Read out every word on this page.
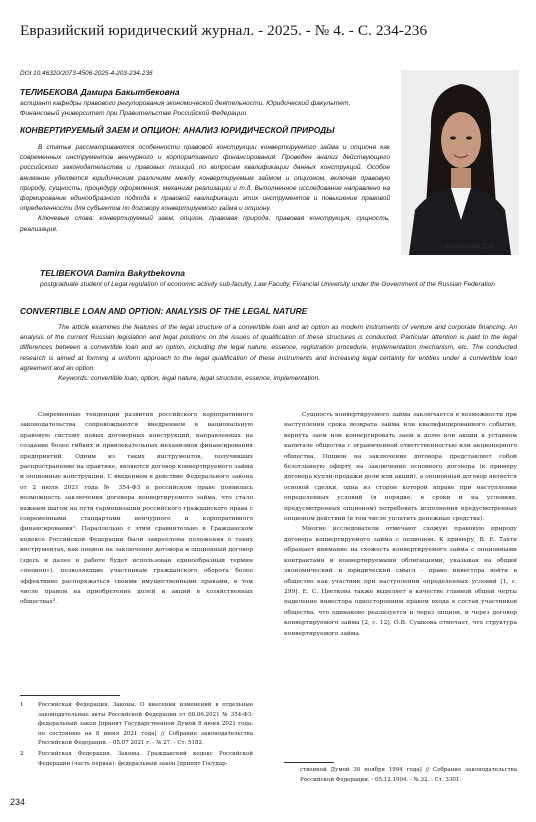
Евразийский юридический журнал. - 2025. - № 4. - С. 234-236
DOI 10.46320/2073-4506-2025-4-203-234-236
ТЕЛИБЕКОВА Дамира Бакытбековна
аспирант кафедры правового регулирования экономической деятельности, Юридический факультет, Финансовый университет при Правительстве Российской Федерации
КОНВЕРТИРУЕМЫЙ ЗАЕМ И ОПЦИОН: АНАЛИЗ ЮРИДИЧЕСКОЙ ПРИРОДЫ

В статье рассматриваются особенности правовой конструкции конвертируемого займа и опциона как современных инструментов венчурного и корпоративного финансирования. Проведен анализ действующего российского законодательства и правовых позиций по вопросам квалификации данных конструкций. Особое внимание уделяется юридическим различиям между конвертируемым займом и опционом, включая правовую природу, сущность, процедуру оформления, механизм реализации и т.д. Выполненное исследование направлено на формирование единообразного подхода к правовой квалификации этих инструментов и повышение правовой определенности для субъектов по договору конвертируемого займа и опциону.

Ключевые слова: конвертируемый заем, опцион, правовая природа, правовая конструкция, сущность, реализация.

Телибекова Д.Б.
TELIBEKOVA Damira Bakytbekovna
postgraduate student of Legal regulation of economic activity sub-faculty, Law Faculty, Financial University under the Government of the Russian Federation
CONVERTIBLE LOAN AND OPTION: ANALYSIS OF THE LEGAL NATURE

The article examines the features of the legal structure of a convertible loan and an option as modern instruments of venture and corporate financing. An analysis of the current Russian legislation and legal positions on the issues of qualification of these structures is conducted. Particular attention is paid to the legal differences between a convertible loan and an option, including the legal nature, essence, registration procedure, implementation mechanism, etc. The conducted research is aimed at forming a uniform approach to the legal qualification of these instruments and increasing legal certainty for entities under a convertible loan agreement and an option.

Keywords: convertible loan, option, legal nature, legal structure, essence, implementation.

Современные тенденции развития российского корпоративного законодательства сопровождаются внедрением в национальную правовую систему новых договорных конструкций, направленных на создание более гибких и привлекательных механизмов финансирования предприятий. Одним из таких инструментов, получивших распространение на практике, являются договор конвертируемого займа и опционные конструкции. С введением в действие Федерального закона от 2 июля 2021 года № 354-ФЗ в российском праве появилась возможность заключения договора конвертируемого займа, что стало важным шагом на пути гармонизации российского гражданского права с современными стандартами венчурного и корпоративного финансирования¹. Параллельно с этим сравнительно в Гражданском кодексе Российской Федерации были закреплены положения о таких инструментах, как опцион на заключение договора и опционный договор (здесь и далее в работе будет использован единообразный термин «опцион»), позволяющие участникам гражданского оборота более эффективно распоряжаться своими имущественными правами, в том числе правом на приобретение долей и акций в хозяйственных обществах².

Сущность конвертируемого займа заключается в возможности при наступлении срока возврата займа или квалифицированного события, вернуть заем или конвертировать заем в долю или акции в уставном капитале общества с ограниченной ответственностью или акционерного общества. Опцион на заключение договора представляет собой безотзывную оферту на заключение основного договора (к примеру договора купли-продажи доли или акций), а опционный договор является основой сделки, одна из сторон которой вправе при наступлении определенных условий (в порядке, в сроки и на условиях, предусмотренных опционом) потребовать исполнения предусмотренных опционом действий (в том числе уплатить денежные средства).

Многие исследователи отмечают схожую правовую природу договора конвертируемого займа с опционом. К примеру, В. Е. Тахти обращает внимание на схожесть конвертируемого займа с опционными контрактами и конвертируемыми облигациями, указывая на общий экономический и юридический смысл - право инвестора войти в общество как участник при наступлении определенных условий [1, с. 299]. Е. С. Цветкова также выделяет в качестве главной общей черты наделение инвестора односторонним правом входа в состав участников общества, что одинаково реализуется и через опцион, и через договор конвертируемого займа [2, с. 12]. О.В. Сушкова отмечает, что структура конвертируемого займа

1	Российская Федерация. Законы. О внесении изменений в отдельные законодательные акты Российской Федерации от 08.06.2021 № 354-ФЗ: федеральный закон [принят Государственной Думой 8 июня 2021 года: по состоянию на 8 июня 2021 года] // Собрание законодательства Российской Федерации. - 05.07 2021 г. - № 27. - Ст. 5182.
2	Российская Федерация. Законы. Гражданский кодекс Российской Федерации (часть первая): федеральный закон [принят Государ-
ственной Думой 30 ноября 1994 года] // Собрание законодательства Российской Федерации. - 05.12.1994. - № 32. - Ст. 3301.
234
